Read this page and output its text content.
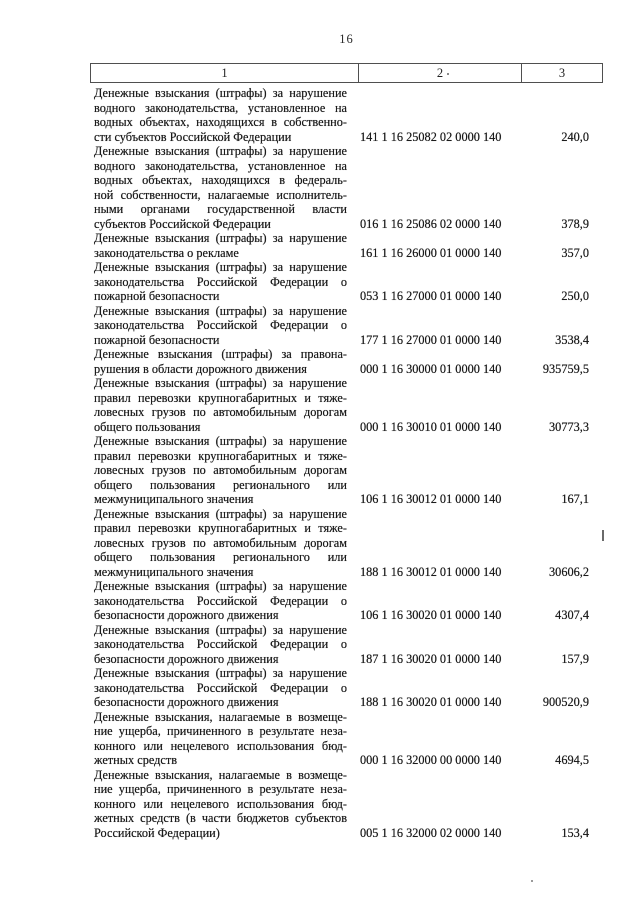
16
1	2	3
Денежные взыскания (штрафы) за нарушение
водного законодательства, установленное на
водных объектах, находящихся в собственно-
сти субъектов Российской Федерации	141 1 16 25082 02 0000 140	240,0
Денежные взыскания (штрафы) за нарушение
водного законодательства, установленное на
водных объектах, находящихся в федераль-
ной собственности, налагаемые исполнитель-
ными органами государственной власти
субъектов Российской Федерации	016 1 16 25086 02 0000 140	378,9
Денежные взыскания (штрафы) за нарушение
законодательства о рекламе	161 1 16 26000 01 0000 140	357,0
Денежные взыскания (штрафы) за нарушение
законодательства Российской Федерации о
пожарной безопасности	053 1 16 27000 01 0000 140	250,0
Денежные взыскания (штрафы) за нарушение
законодательства Российской Федерации о
пожарной безопасности	177 1 16 27000 01 0000 140	3538,4
Денежные взыскания (штрафы) за правона-
рушения в области дорожного движения	000 1 16 30000 01 0000 140	935759,5
Денежные взыскания (штрафы) за нарушение
правил перевозки крупногабаритных и тяже-
ловесных грузов по автомобильным дорогам
общего пользования	000 1 16 30010 01 0000 140	30773,3
Денежные взыскания (штрафы) за нарушение
правил перевозки крупногабаритных и тяже-
ловесных грузов по автомобильным дорогам
общего пользования регионального или
межмуниципального значения	106 1 16 30012 01 0000 140	167,1
Денежные взыскания (штрафы) за нарушение
правил перевозки крупногабаритных и тяже-
ловесных грузов по автомобильным дорогам
общего пользования регионального или
межмуниципального значения	188 1 16 30012 01 0000 140	30606,2
Денежные взыскания (штрафы) за нарушение
законодательства Российской Федерации о
безопасности дорожного движения	106 1 16 30020 01 0000 140	4307,4
Денежные взыскания (штрафы) за нарушение
законодательства Российской Федерации о
безопасности дорожного движения	187 1 16 30020 01 0000 140	157,9
Денежные взыскания (штрафы) за нарушение
законодательства Российской Федерации о
безопасности дорожного движения	188 1 16 30020 01 0000 140	900520,9
Денежные взыскания, налагаемые в возмеще-
ние ущерба, причиненного в результате неза-
конного или нецелевого использования бюд-
жетных средств	000 1 16 32000 00 0000 140	4694,5
Денежные взыскания, налагаемые в возмеще-
ние ущерба, причиненного в результате неза-
конного или нецелевого использования бюд-
жетных средств (в части бюджетов субъектов
Российской Федерации)	005 1 16 32000 02 0000 140	153,4
